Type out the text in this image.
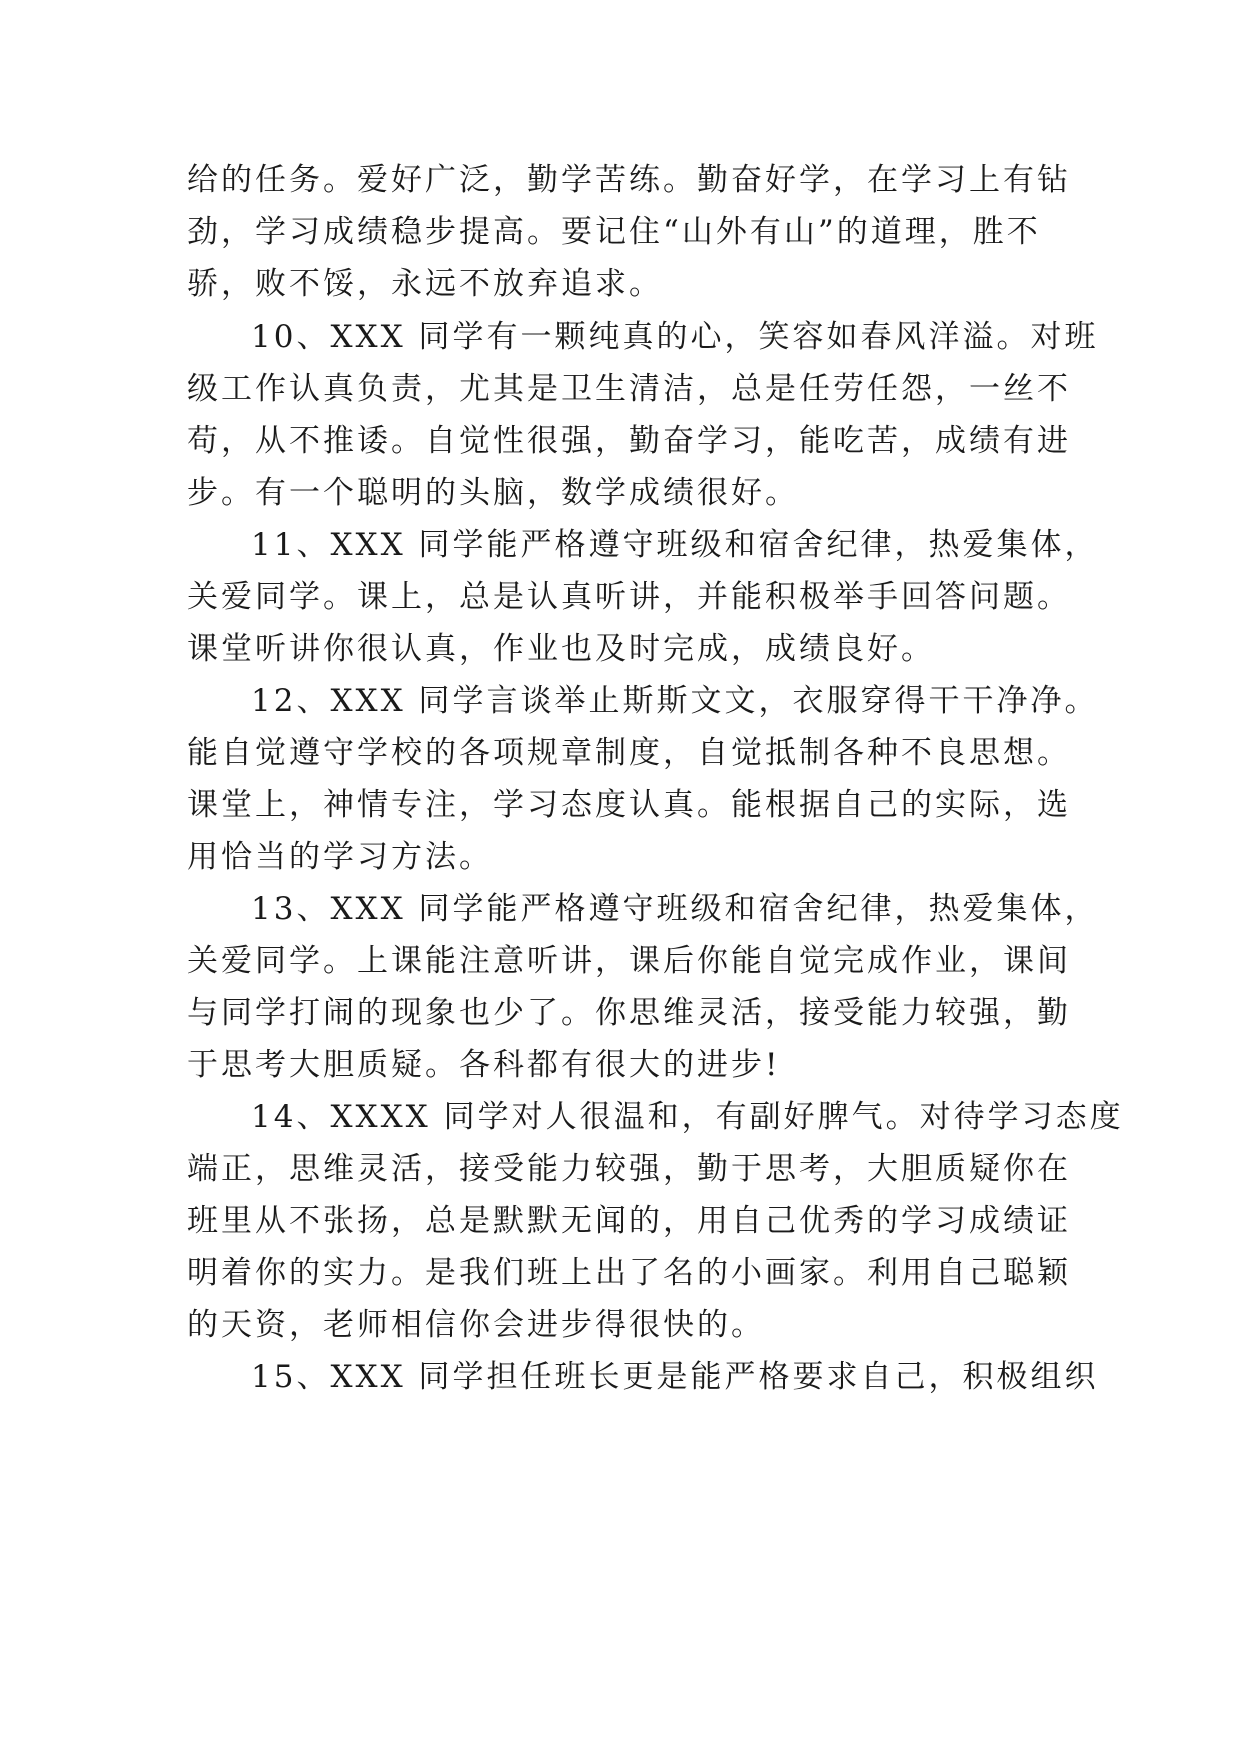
给的任务。爱好广泛，勤学苦练。勤奋好学，在学习上有钻
劲，学习成绩稳步提高。要记住“山外有山”的道理，胜不
骄，败不馁，永远不放弃追求。
10、XXX 同学有一颗纯真的心，笑容如春风洋溢。对班
级工作认真负责，尤其是卫生清洁，总是任劳任怨，一丝不
苟，从不推诿。自觉性很强，勤奋学习，能吃苦，成绩有进
步。有一个聪明的头脑，数学成绩很好。
11、XXX 同学能严格遵守班级和宿舍纪律，热爱集体，
关爱同学。课上，总是认真听讲，并能积极举手回答问题。
课堂听讲你很认真，作业也及时完成，成绩良好。
12、XXX 同学言谈举止斯斯文文，衣服穿得干干净净。
能自觉遵守学校的各项规章制度，自觉抵制各种不良思想。
课堂上，神情专注，学习态度认真。能根据自己的实际，选
用恰当的学习方法。
13、XXX 同学能严格遵守班级和宿舍纪律，热爱集体，
关爱同学。上课能注意听讲，课后你能自觉完成作业，课间
与同学打闹的现象也少了。你思维灵活，接受能力较强，勤
于思考大胆质疑。各科都有很大的进步!
14、XXXX 同学对人很温和，有副好脾气。对待学习态度
端正，思维灵活，接受能力较强，勤于思考，大胆质疑你在
班里从不张扬，总是默默无闻的，用自己优秀的学习成绩证
明着你的实力。是我们班上出了名的小画家。利用自己聪颖
的天资，老师相信你会进步得很快的。
15、XXX 同学担任班长更是能严格要求自己，积极组织
